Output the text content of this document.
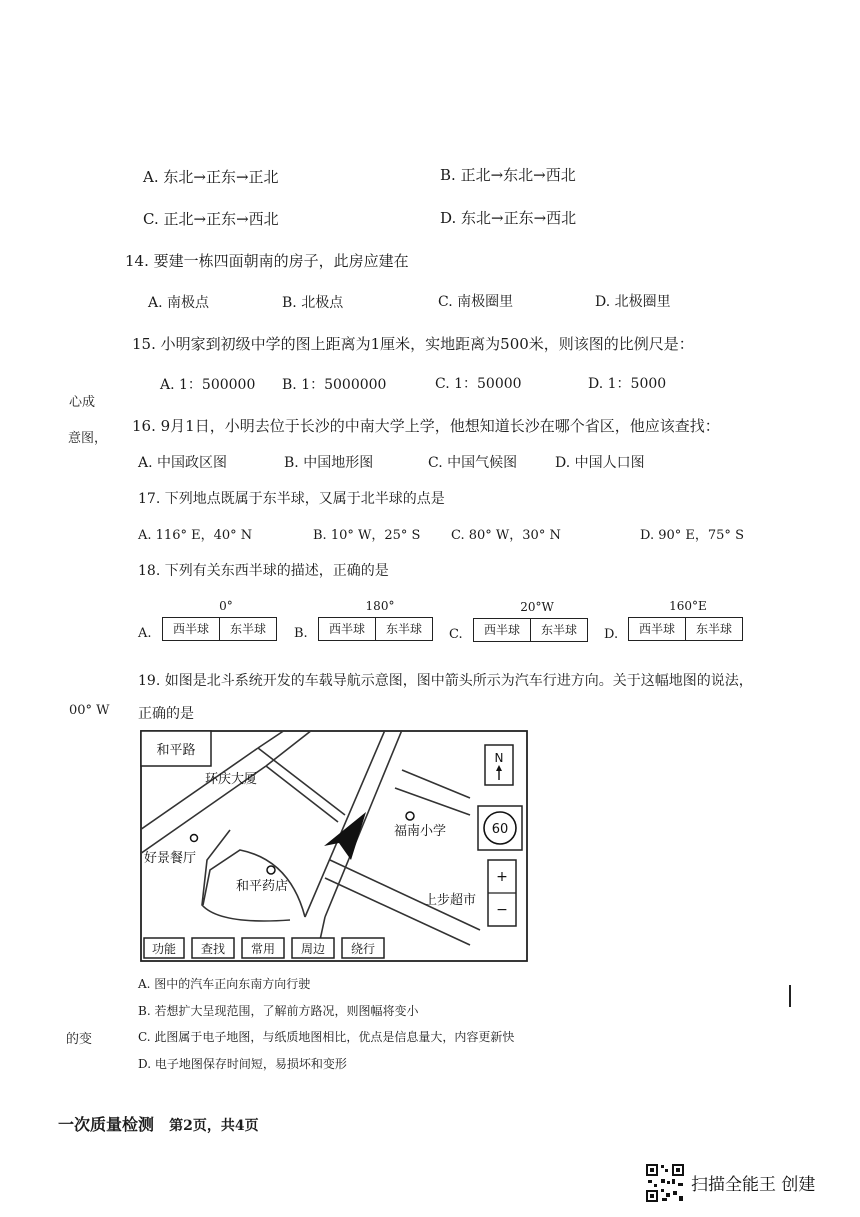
A. 东北→正东→正北	B. 正北→东北→西北
C. 正北→正东→西北	D. 东北→正东→西北
14. 要建一栋四面朝南的房子，此房应建在
A. 南极点	B. 北极点	C. 南极圈里	D. 北极圈里
15. 小明家到初级中学的图上距离为1厘米，实地距离为500米，则该图的比例尺是：
A. 1：500000 B. 1：5000000	C. 1：50000	D. 1：5000
心成
意图，
00° W
的变
16. 9月1日，小明去位于长沙的中南大学上学，他想知道长沙在哪个省区，他应该查找：
A. 中国政区图	B. 中国地形图	C. 中国气候图	D. 中国人口图
17. 下列地点既属于东半球，又属于北半球的点是
A. 116° E，40° N	B. 10° W，25° S C. 80° W，30° N	D. 90° E，75° S
18. 下列有关东西半球的描述，正确的是
A.
0°
西半球	东半球	B.
180°
西半球	东半球	C.
20°W
西半球	东半球	D.
160°E
西半球	东半球
19. 如图是北斗系统开发的车载导航示意图，图中箭头所示为汽车行进方向。关于这幅地图的说法，
正确的是
和平路
环庆大厦
福南小学
好景餐厅
和平药店
上步超市
N
60
+
−
功能 查找 常用 周边 绕行
A. 图中的汽车正向东南方向行驶
B. 若想扩大呈现范围，了解前方路况，则图幅将变小
C. 此图属于电子地图，与纸质地图相比，优点是信息量大，内容更新快
D. 电子地图保存时间短，易损坏和变形
一次质量检测 第2页，共4页
扫描全能王 创建
